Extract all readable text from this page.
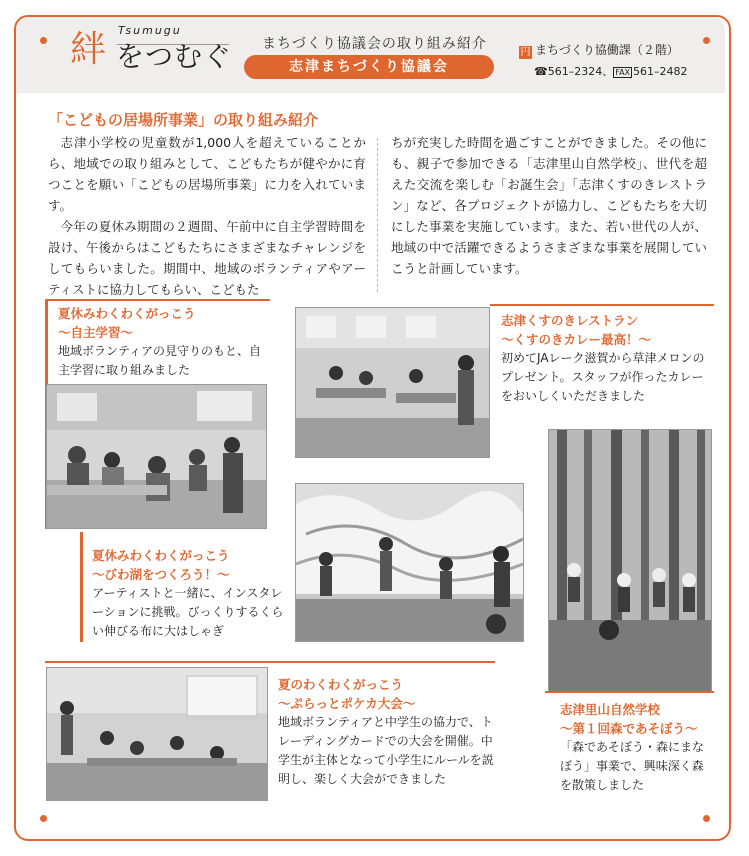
絆 Tsumugu
をつむぐ まちづくり協議会の取り組み紹介
志津まちづくり協議会
円 まちづくり協働課（２階）
☎561–2324、 FAX 561–2482
「こどもの居場所事業」の取り組み紹介

志津小学校の児童数が1,000人を超えていることから、地域での取り組みとして、こどもたちが健やかに育つことを願い「こどもの居場所事業」に力を入れています。

今年の夏休み期間の２週間、午前中に自主学習時間を設け、午後からはこどもたちにさまざまなチャレンジをしてもらいました。期間中、地域のボランティアやアーティストに協力してもらい、こどもた

ちが充実した時間を過ごすことができました。その他にも、親子で参加できる「志津里山自然学校」、世代を超えた交流を楽しむ「お誕生会」「志津くすのきレストラン」など、各プロジェクトが協力し、こどもたちを大切にした事業を実施しています。また、若い世代の人が、地域の中で活躍できるようさまざまな事業を展開していこうと計画しています。

夏休みわくわくがっこう
～自主学習～
地域ボランティアの見守りのもと、自主学習に取り組みました
志津くすのきレストラン
～くすのきカレー最高！～
初めてJAレーク滋賀から草津メロンのプレゼント。スタッフが作ったカレーをおいしくいただきました
夏休みわくわくがっこう
～びわ湖をつくろう！～
アーティストと一緒に、インスタレーションに挑戦。びっくりするくらい伸びる布に大はしゃぎ
志津里山自然学校
～第１回森であそぼう～
「森であそぼう・森にまなぼう」事業で、興味深く森を散策しました
夏のわくわくがっこう
～ぷらっとポケカ大会～
地域ボランティアと中学生の協力で、トレーディングカードでの大会を開催。中学生が主体となって小学生にルールを説明し、楽しく大会ができました
